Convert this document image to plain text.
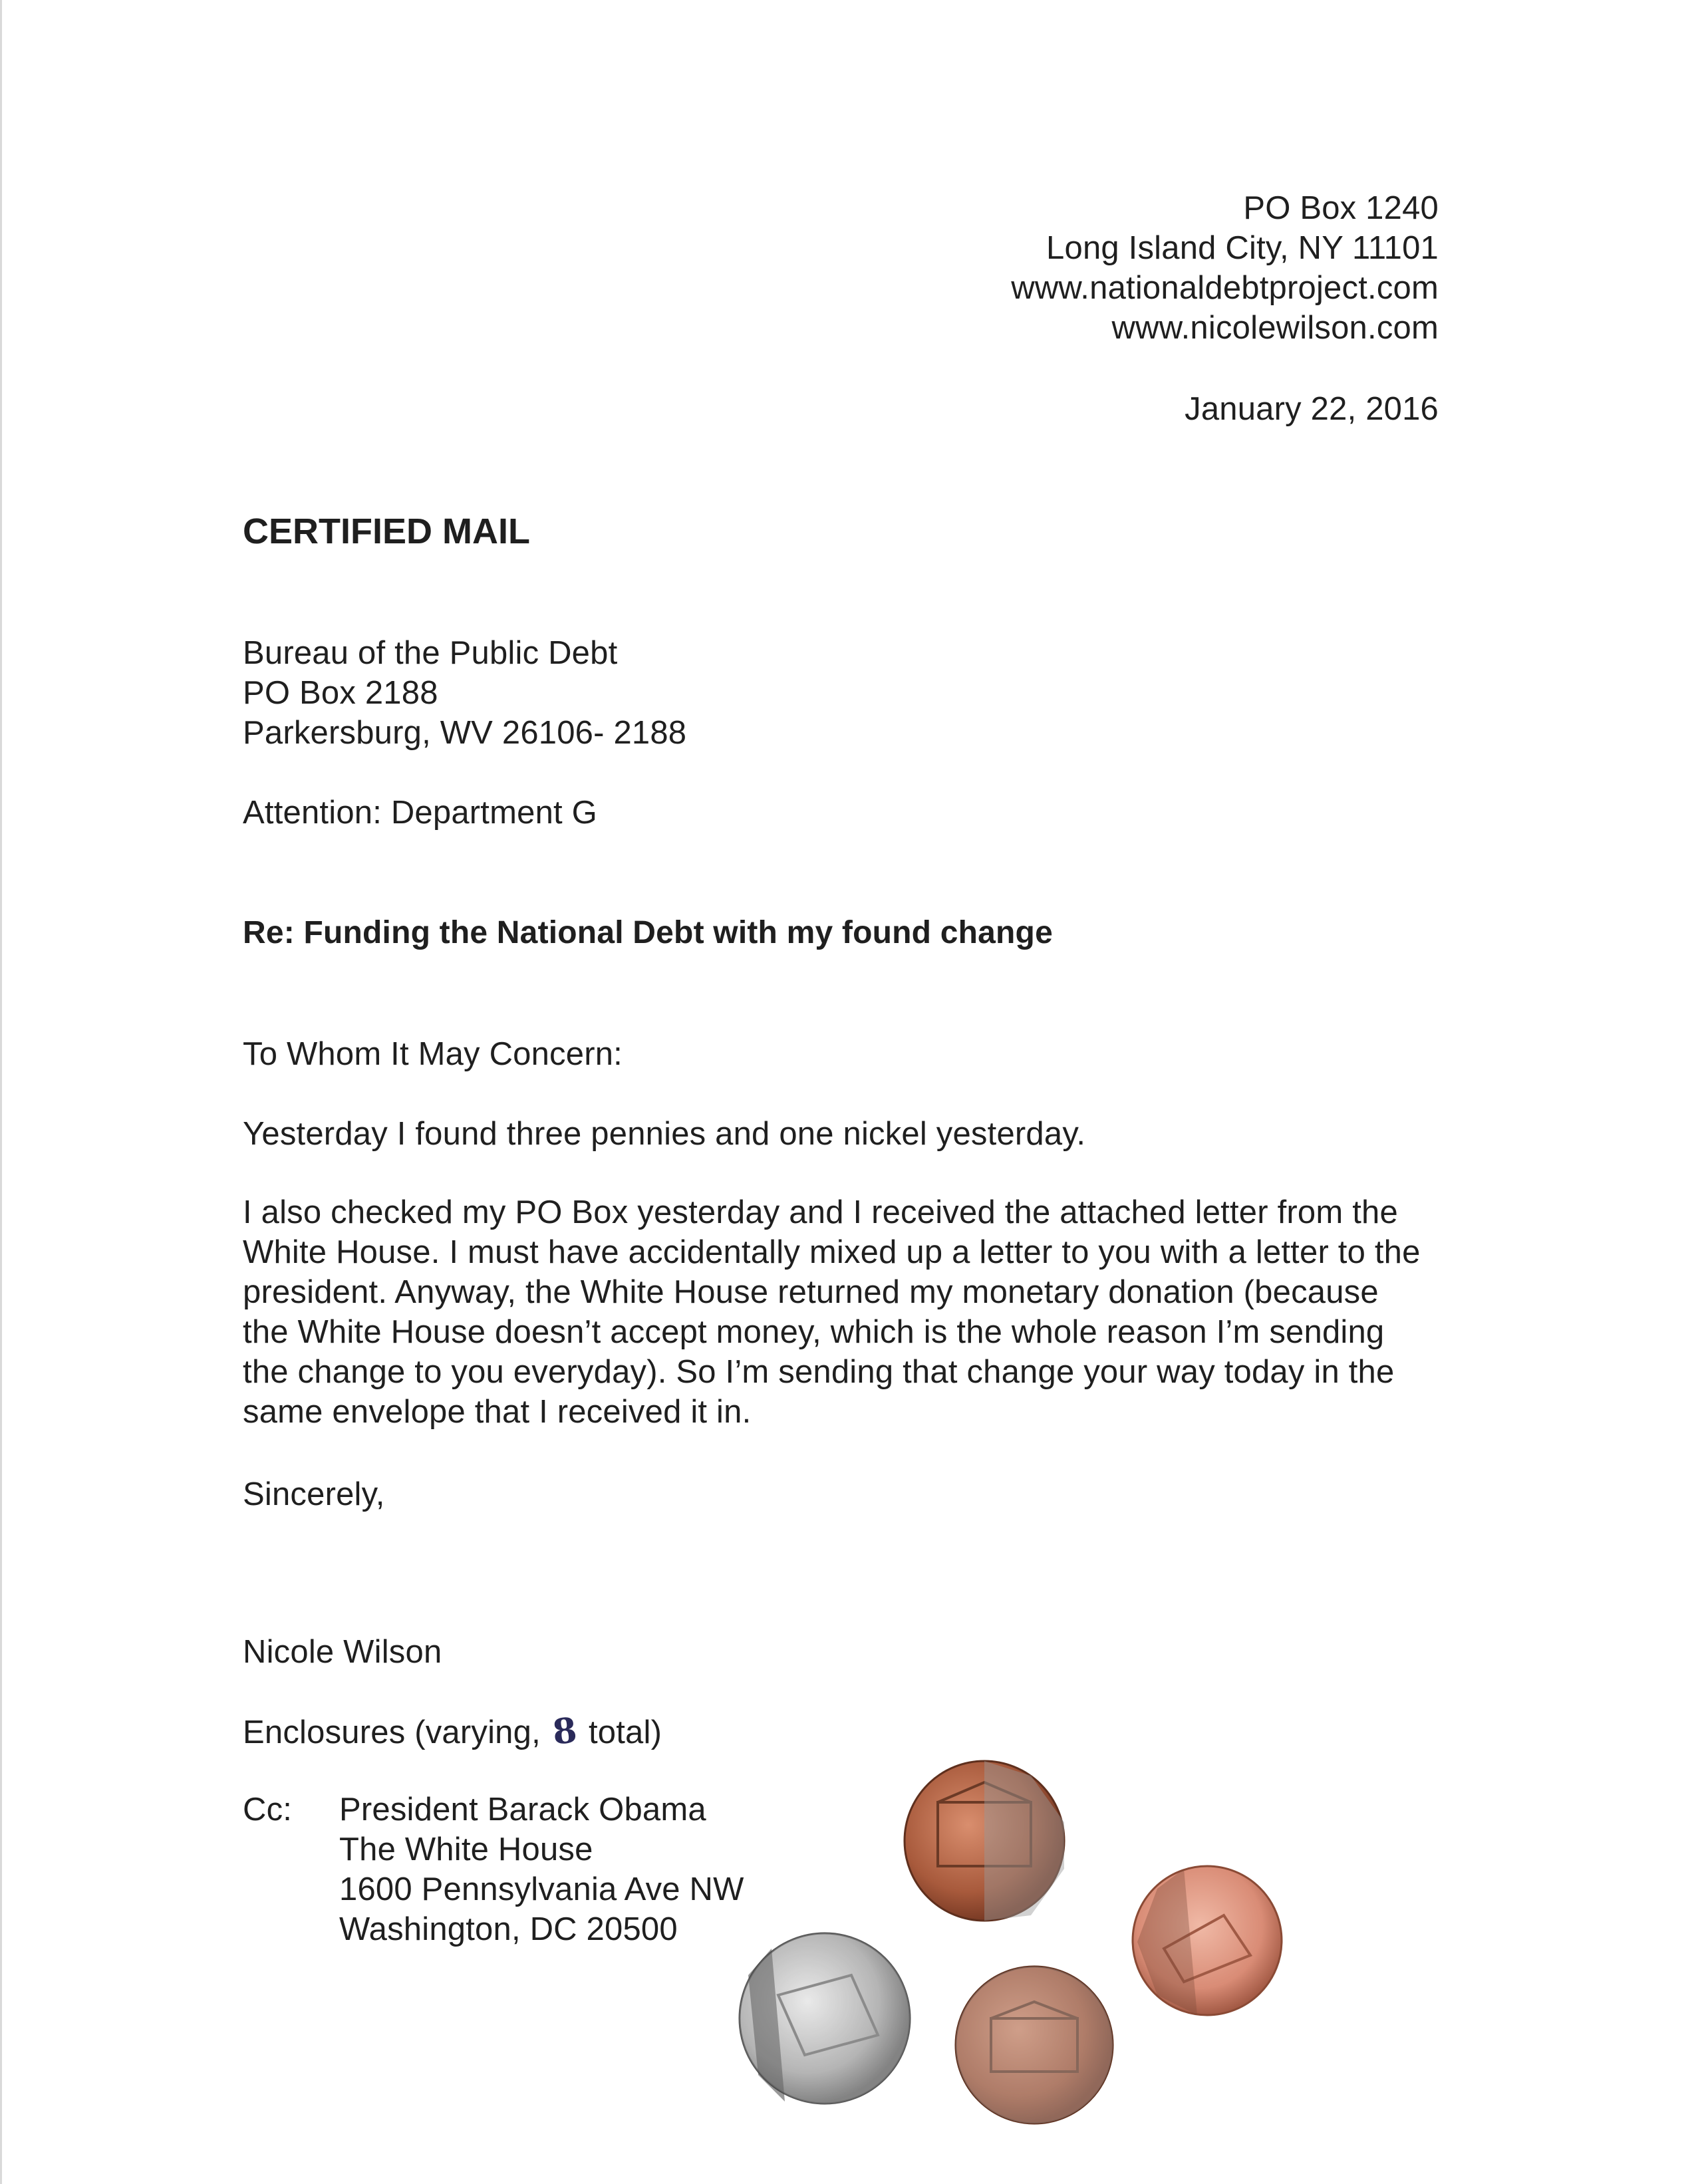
PO Box 1240
Long Island City, NY 11101
www.nationaldebtproject.com
www.nicolewilson.com
January 22, 2016
CERTIFIED MAIL
Bureau of the Public Debt
PO Box 2188
Parkersburg, WV 26106- 2188
Attention: Department G
Re: Funding the National Debt with my found change
To Whom It May Concern:
Yesterday I found three pennies and one nickel yesterday.
I also checked my PO Box yesterday and I received the attached letter from the
White House. I must have accidentally mixed up a letter to you with a letter to the
president. Anyway, the White House returned my monetary donation (because
the White House doesn’t accept money, which is the whole reason I’m sending
the change to you everyday). So I’m sending that change your way today in the
same envelope that I received it in.
Sincerely,
Nicole Wilson
Enclosures (varying, 8 total)
Cc: President Barack Obama
The White House
1600 Pennsylvania Ave NW
Washington, DC 20500
